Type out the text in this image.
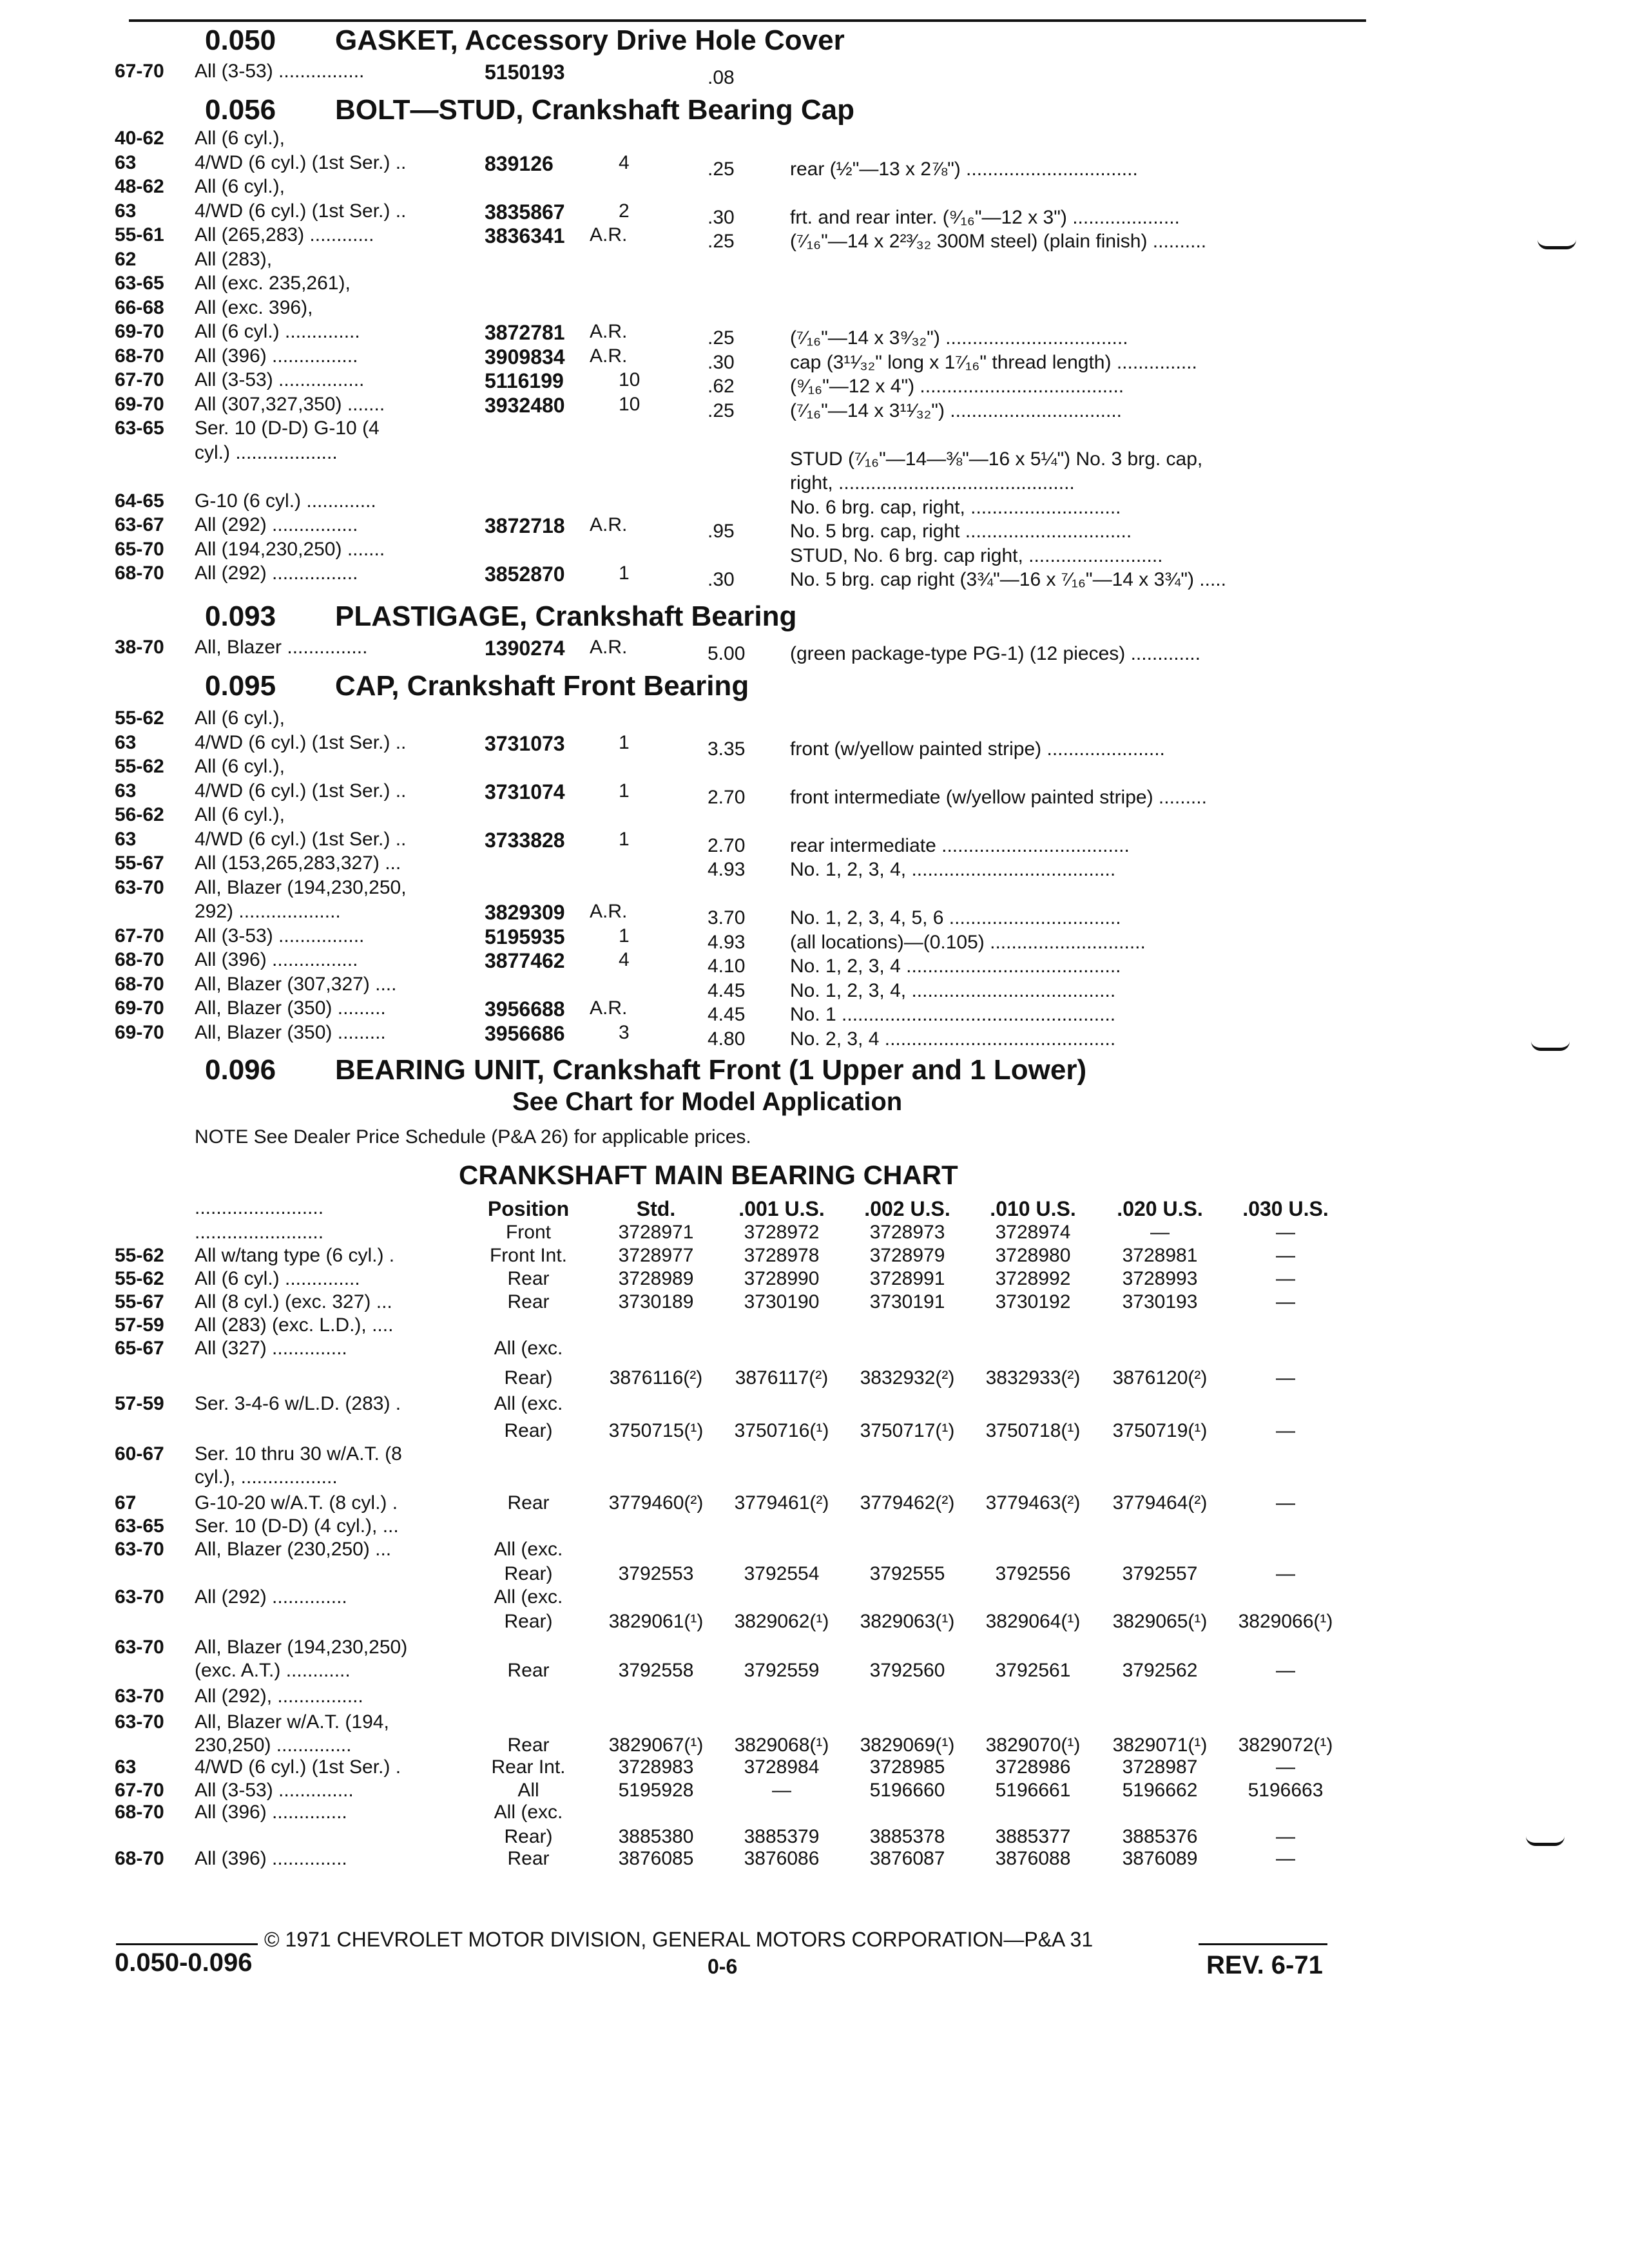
0.050 GASKET, Accessory Drive Hole Cover
0.056 BOLT—STUD, Crankshaft Bearing Cap
0.093 PLASTIGAGE, Crankshaft Bearing
0.095 CAP, Crankshaft Front Bearing
0.096 BEARING UNIT, Crankshaft Front (1 Upper and 1 Lower)
67-70 All (3-53) ................	5150193	.08
40-62 All (6 cyl.),
63	4/WD (6 cyl.) (1st Ser.) ..	839126	4	.25	rear (½"—13 x 2⅞") ................................
48-62 All (6 cyl.),
63	4/WD (6 cyl.) (1st Ser.) ..	3835867	2	.30	frt. and rear inter. (⁹⁄₁₆"—12 x 3") ....................
55-61 All (265,283) ............	3836341 A.R.	.25	(⁷⁄₁₆"—14 x 2²³⁄₃₂ 300M steel) (plain finish) ..........
62	All (283),
63-65 All (exc. 235,261),
66-68 All (exc. 396),
69-70 All (6 cyl.) ..............	3872781 A.R.	.25	(⁷⁄₁₆"—14 x 3⁹⁄₃₂") ..................................
68-70 All (396) ................	3909834 A.R.	.30	cap (3¹¹⁄₃₂" long x 1⁷⁄₁₆" thread length) ...............
67-70 All (3-53) ................	5116199	10	.62	(⁹⁄₁₆"—12 x 4") ......................................
69-70 All (307,327,350) .......	3932480	10	.25	(⁷⁄₁₆"—14 x 3¹¹⁄₃₂") ................................
63-65 Ser. 10 (D-D) G-10 (4
cyl.) ...................	STUD (⁷⁄₁₆"—14—⅜"—16 x 5¼") No. 3 brg. cap,
right, ............................................
64-65 G-10 (6 cyl.) .............	No. 6 brg. cap, right, ............................
63-67 All (292) ................	3872718 A.R.	.95	No. 5 brg. cap, right ...............................
65-70 All (194,230,250) .......	STUD, No. 6 brg. cap right, .........................
68-70 All (292) ................	3852870	1	.30	No. 5 brg. cap right (3¾"—16 x ⁷⁄₁₆"—14 x 3¾") .....
38-70 All, Blazer ...............	1390274 A.R.	5.00 (green package-type PG-1) (12 pieces) .............
55-62 All (6 cyl.),
63	4/WD (6 cyl.) (1st Ser.) ..	3731073	1	3.35 front (w/yellow painted stripe) ......................
55-62 All (6 cyl.),
63	4/WD (6 cyl.) (1st Ser.) ..	3731074	1	2.70 front intermediate (w/yellow painted stripe) .........
56-62 All (6 cyl.),
63	4/WD (6 cyl.) (1st Ser.) ..	3733828	1	2.70 rear intermediate ...................................
55-67 All (153,265,283,327) ...	4.93 No. 1, 2, 3, 4, ......................................
63-70 All, Blazer (194,230,250,
292) ...................	3829309 A.R.	3.70 No. 1, 2, 3, 4, 5, 6 ................................
67-70 All (3-53) ................	5195935	1	4.93 (all locations)—(0.105) .............................
68-70 All (396) ................	3877462	4	4.10 No. 1, 2, 3, 4 ........................................
68-70 All, Blazer (307,327) ....	4.45 No. 1, 2, 3, 4, ......................................
69-70 All, Blazer (350) .........	3956688 A.R.	4.45 No. 1 ...................................................
69-70 All, Blazer (350) .........	3956686	3	4.80 No. 2, 3, 4 ...........................................
Position	Std.	.001 U.S.	.002 U.S.	.010 U.S.	.020 U.S.	.030 U.S.
........................
........................	Front	3728971	3728972	3728973	3728974	—	—
55-62 All w/tang type (6 cyl.) .	Front Int.	3728977	3728978	3728979	3728980	3728981	—
55-62 All (6 cyl.) ..............	Rear	3728989	3728990	3728991	3728992	3728993	—
55-67 All (8 cyl.) (exc. 327) ...	Rear	3730189	3730190	3730191	3730192	3730193	—
57-59 All (283) (exc. L.D.), ....
65-67 All (327) ..............	All (exc.
Rear)	3876116(²)	3876117(²)	3832932(²)	3832933(²)	3876120(²)	—
57-59 Ser. 3-4-6 w/L.D. (283) .	All (exc.
Rear)	3750715(¹)	3750716(¹)	3750717(¹)	3750718(¹)	3750719(¹)	—
60-67 Ser. 10 thru 30 w/A.T. (8
cyl.), ..................
67	G-10-20 w/A.T. (8 cyl.) .	Rear	3779460(²)	3779461(²)	3779462(²)	3779463(²)	3779464(²)	—
63-65 Ser. 10 (D-D) (4 cyl.), ...
63-70 All, Blazer (230,250) ...	All (exc.
Rear)	3792553	3792554	3792555	3792556	3792557	—
63-70 All (292) ..............	All (exc.
Rear)	3829061(¹)	3829062(¹)	3829063(¹)	3829064(¹)	3829065(¹)	3829066(¹)
63-70 All, Blazer (194,230,250)
(exc. A.T.) ............	Rear	3792558	3792559	3792560	3792561	3792562	—
63-70 All (292), ................
63-70 All, Blazer w/A.T. (194,
230,250) ..............	Rear	3829067(¹)	3829068(¹)	3829069(¹)	3829070(¹)	3829071(¹)	3829072(¹)
63	4/WD (6 cyl.) (1st Ser.) .	Rear Int.	3728983	3728984	3728985	3728986	3728987	—
67-70 All (3-53) ..............	All	5195928	—	5196660	5196661	5196662	5196663
68-70 All (396) ..............	All (exc.
Rear)	3885380	3885379	3885378	3885377	3885376	—
68-70 All (396) ..............	Rear	3876085	3876086	3876087	3876088	3876089	—
See Chart for Model Application
NOTE See Dealer Price Schedule (P&A 26) for applicable prices.
CRANKSHAFT MAIN BEARING CHART
© 1971 CHEVROLET MOTOR DIVISION, GENERAL MOTORS CORPORATION—P&A 31
0.050-0.096	0-6	REV. 6-71
